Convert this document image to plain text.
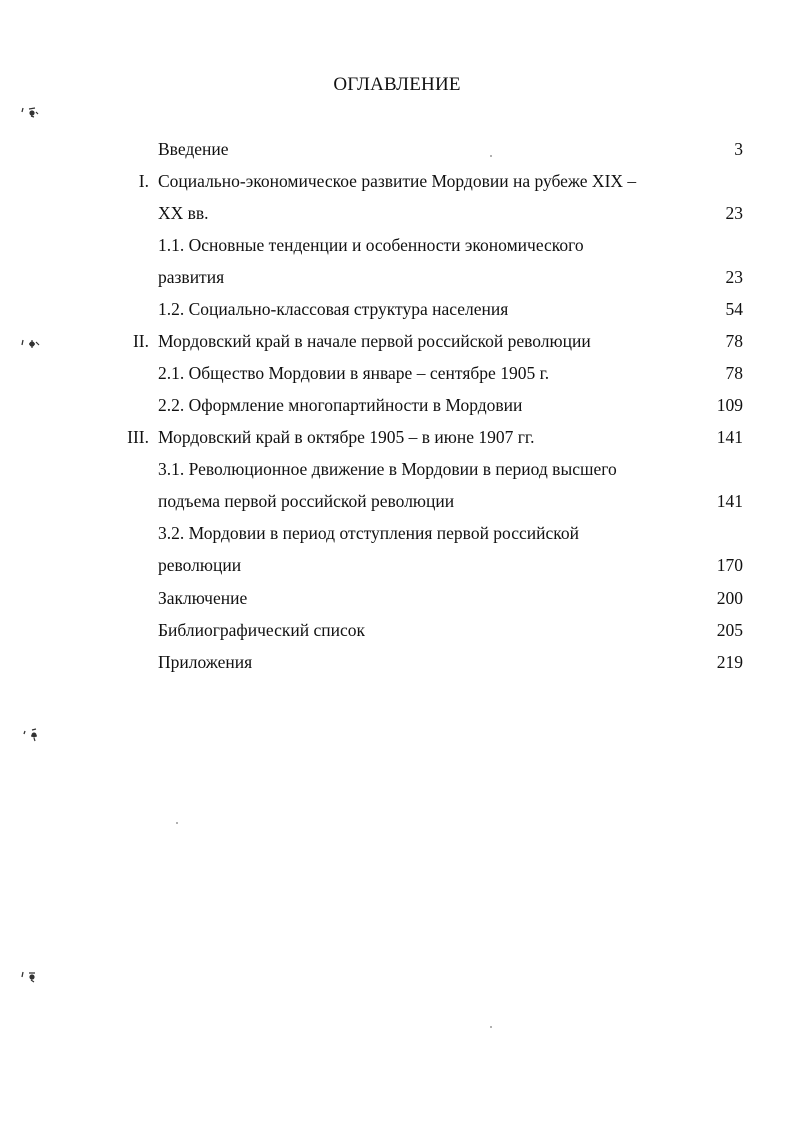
ОГЛАВЛЕНИЕ
Введение	3
I. Социально-экономическое развитие Мордовии на рубеже XIX –
XX вв.	23
1.1. Основные тенденции и особенности экономического
развития	23
1.2. Социально-классовая структура населения	54
II. Мордовский край в начале первой российской революции	78
2.1. Общество Мордовии в январе – сентябре 1905 г.	78
2.2. Оформление многопартийности в Мордовии	109
III. Мордовский край в октябре 1905 – в июне 1907 гг.	141
3.1. Революционное движение в Мордовии в период высшего
подъема первой российской революции	141
3.2. Мордовии в период отступления первой российской
революции	170
Заключение	200
Библиографический список	205
Приложения	219
